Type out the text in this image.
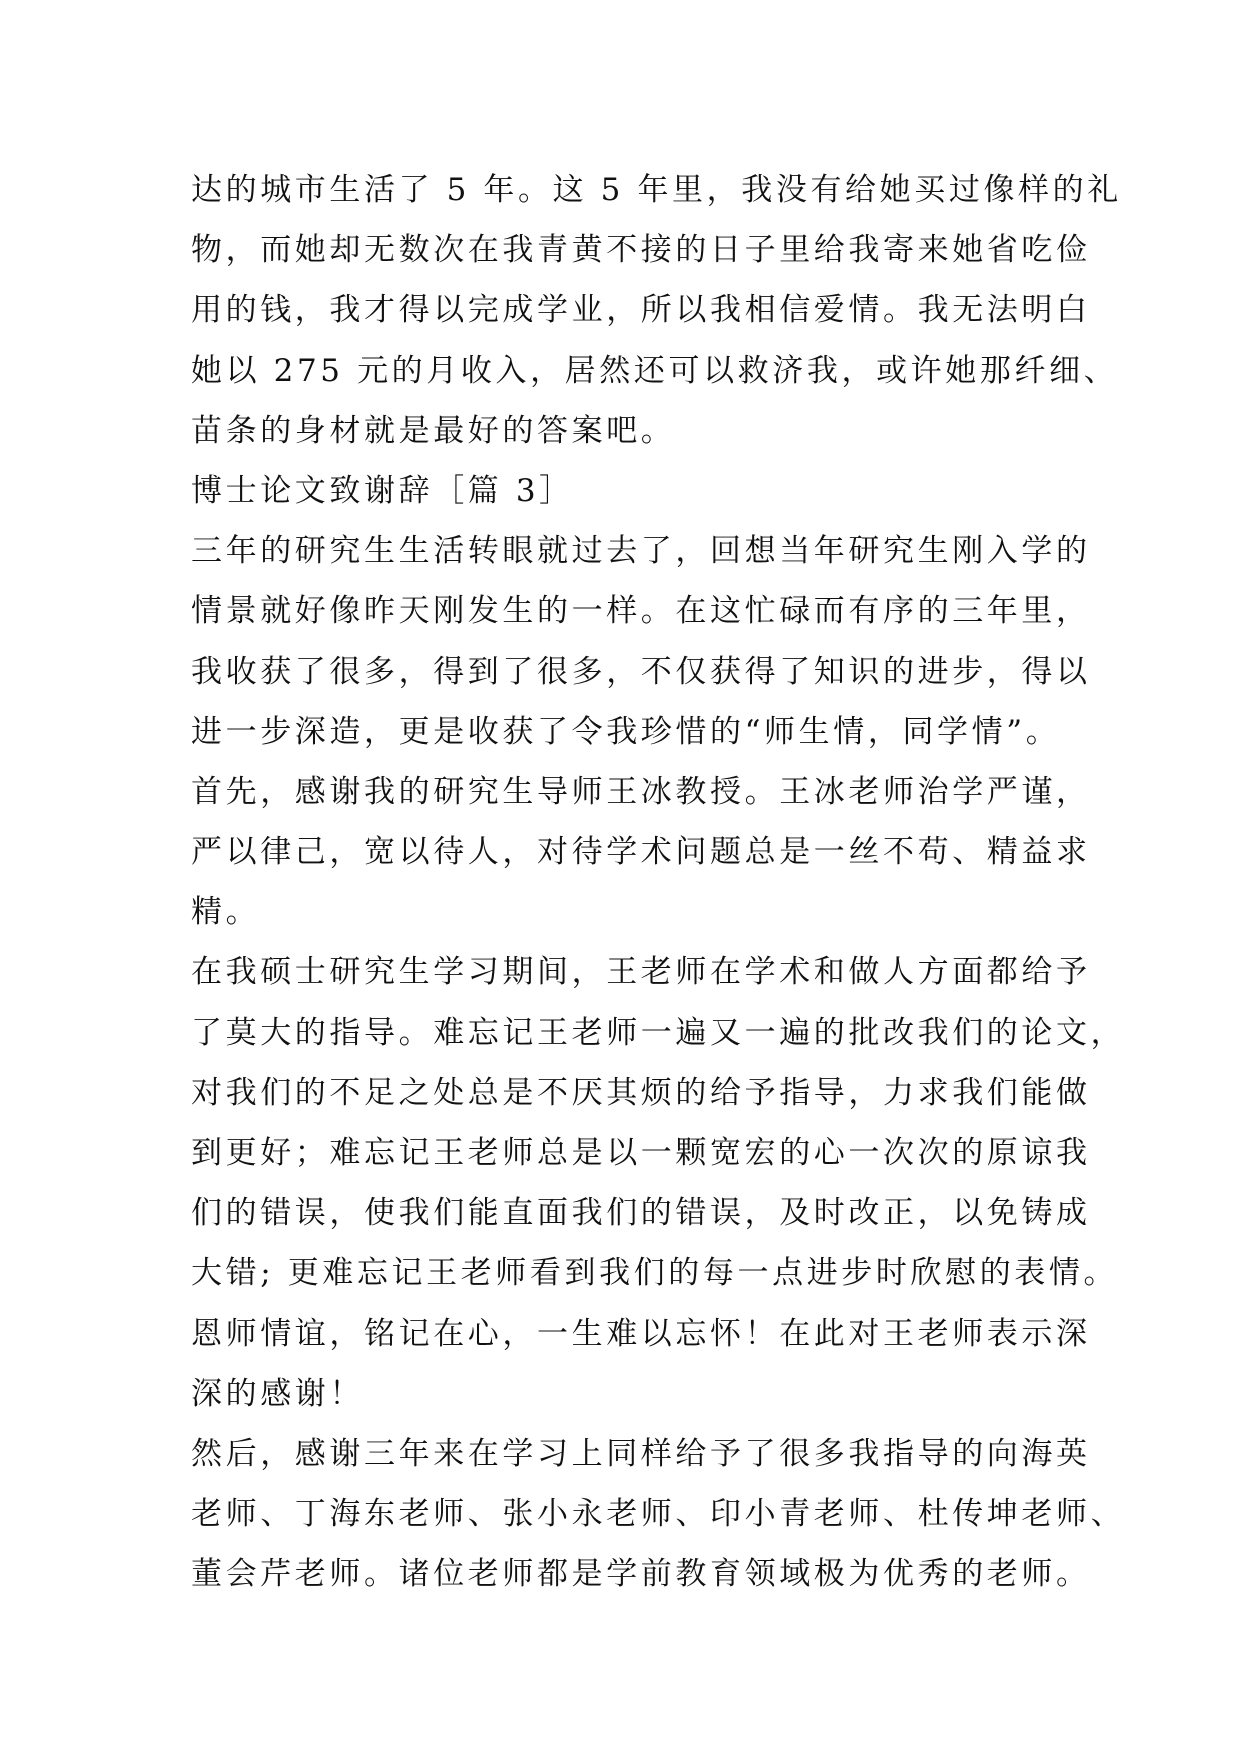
达的城市生活了 5 年。这 5 年里，我没有给她买过像样的礼
物，而她却无数次在我青黄不接的日子里给我寄来她省吃俭
用的钱，我才得以完成学业，所以我相信爱情。我无法明白
她以 275 元的月收入，居然还可以救济我，或许她那纤细、
苗条的身材就是最好的答案吧。
博士论文致谢辞［篇 3］
三年的研究生生活转眼就过去了，回想当年研究生刚入学的
情景就好像昨天刚发生的一样。在这忙碌而有序的三年里，
我收获了很多，得到了很多，不仅获得了知识的进步，得以
进一步深造，更是收获了令我珍惜的“师生情，同学情”。
首先，感谢我的研究生导师王冰教授。王冰老师治学严谨，
严以律己，宽以待人，对待学术问题总是一丝不苟、精益求
精。
在我硕士研究生学习期间，王老师在学术和做人方面都给予
了莫大的指导。难忘记王老师一遍又一遍的批改我们的论文，
对我们的不足之处总是不厌其烦的给予指导，力求我们能做
到更好；难忘记王老师总是以一颗宽宏的心一次次的原谅我
们的错误，使我们能直面我们的错误，及时改正，以免铸成
大错; 更难忘记王老师看到我们的每一点进步时欣慰的表情。
恩师情谊，铭记在心，一生难以忘怀！在此对王老师表示深
深的感谢！
然后，感谢三年来在学习上同样给予了很多我指导的向海英
老师、丁海东老师、张小永老师、印小青老师、杜传坤老师、
董会芹老师。诸位老师都是学前教育领域极为优秀的老师。
